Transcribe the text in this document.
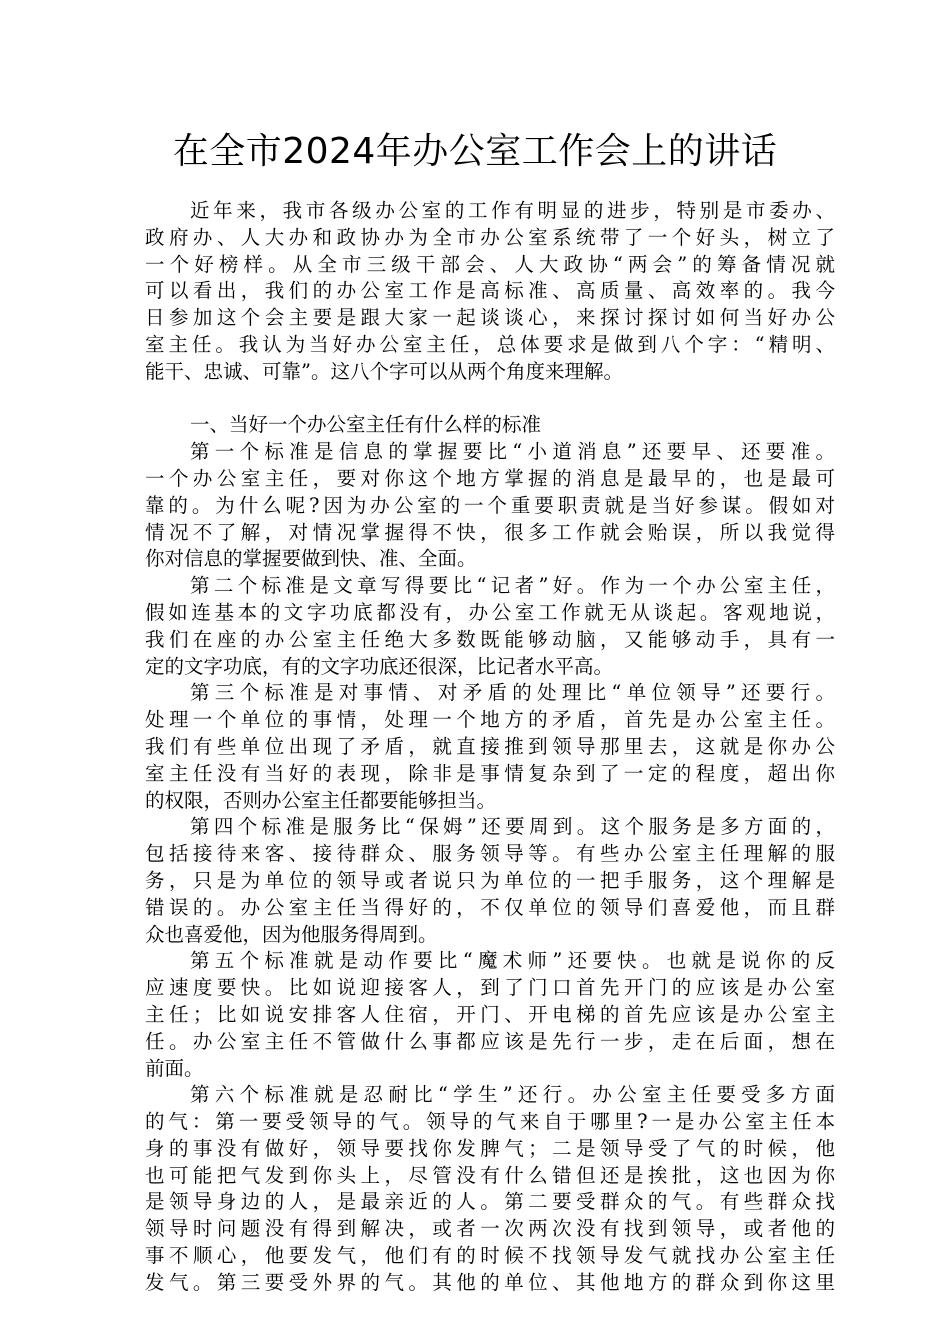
在全市2024年办公室工作会上的讲话
近年来，我市各级办公室的工作有明显的进步，特别是市委办、
政府办、人大办和政协办为全市办公室系统带了一个好头，树立了
一个好榜样。从全市三级干部会、人大政协“两会”的筹备情况就
可以看出，我们的办公室工作是高标准、高质量、高效率的。我今
日参加这个会主要是跟大家一起谈谈心，来探讨探讨如何当好办公
室主任。我认为当好办公室主任，总体要求是做到八个字：“精明、
能干、忠诚、可靠”。这八个字可以从两个角度来理解。
一、当好一个办公室主任有什么样的标准
第一个标准是信息的掌握要比“小道消息”还要早、还要准。
一个办公室主任，要对你这个地方掌握的消息是最早的，也是最可
靠的。为什么呢?因为办公室的一个重要职责就是当好参谋。假如对
情况不了解，对情况掌握得不快，很多工作就会贻误，所以我觉得
你对信息的掌握要做到快、准、全面。
第二个标准是文章写得要比“记者”好。作为一个办公室主任，
假如连基本的文字功底都没有，办公室工作就无从谈起。客观地说，
我们在座的办公室主任绝大多数既能够动脑，又能够动手，具有一
定的文字功底，有的文字功底还很深，比记者水平高。
第三个标准是对事情、对矛盾的处理比“单位领导”还要行。
处理一个单位的事情，处理一个地方的矛盾，首先是办公室主任。
我们有些单位出现了矛盾，就直接推到领导那里去，这就是你办公
室主任没有当好的表现，除非是事情复杂到了一定的程度，超出你
的权限，否则办公室主任都要能够担当。
第四个标准是服务比“保姆”还要周到。这个服务是多方面的，
包括接待来客、接待群众、服务领导等。有些办公室主任理解的服
务，只是为单位的领导或者说只为单位的一把手服务，这个理解是
错误的。办公室主任当得好的，不仅单位的领导们喜爱他，而且群
众也喜爱他，因为他服务得周到。
第五个标准就是动作要比“魔术师”还要快。也就是说你的反
应速度要快。比如说迎接客人，到了门口首先开门的应该是办公室
主任；比如说安排客人住宿，开门、开电梯的首先应该是办公室主
任。办公室主任不管做什么事都应该是先行一步，走在后面，想在
前面。
第六个标准就是忍耐比“学生”还行。办公室主任要受多方面
的气：第一要受领导的气。领导的气来自于哪里?一是办公室主任本
身的事没有做好，领导要找你发脾气；二是领导受了气的时候，他
也可能把气发到你头上，尽管没有什么错但还是挨批，这也因为你
是领导身边的人，是最亲近的人。第二要受群众的气。有些群众找
领导时问题没有得到解决，或者一次两次没有找到领导，或者他的
事不顺心，他要发气，他们有的时候不找领导发气就找办公室主任
发气。第三要受外界的气。其他的单位、其他地方的群众到你这里
